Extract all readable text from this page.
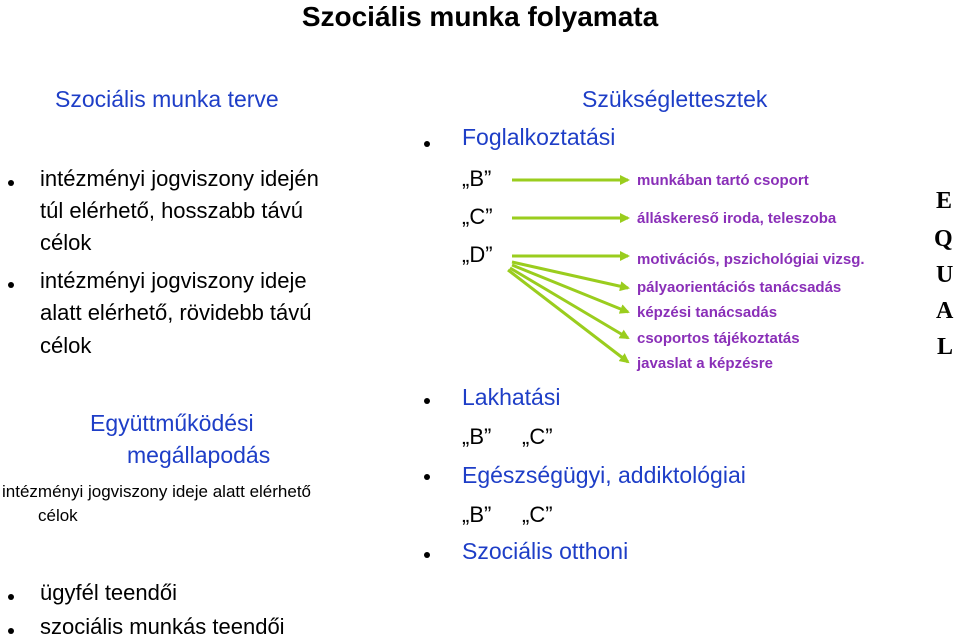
Szociális munka folyamata
Szociális munka terve
intézményi jogviszony idején
túl elérhető, hosszabb távú
célok
intézményi jogviszony ideje
alatt elérhető, rövidebb távú
célok
Együttműködési
megállapodás
intézményi jogviszony ideje alatt elérhető
célok
ügyfél teendői
szociális munkás teendői
Szükséglettesztek
Foglalkoztatási
„B”
„C”
„D”
munkában tartó csoport
álláskereső iroda, teleszoba
motivációs, pszichológiai vizsg.
pályaorientációs tanácsadás
képzési tanácsadás
csoportos tájékoztatás
javaslat a képzésre
E
Q
U
A
L
Lakhatási
„B” „C”
Egészségügyi, addiktológiai
„B” „C”
Szociális otthoni
